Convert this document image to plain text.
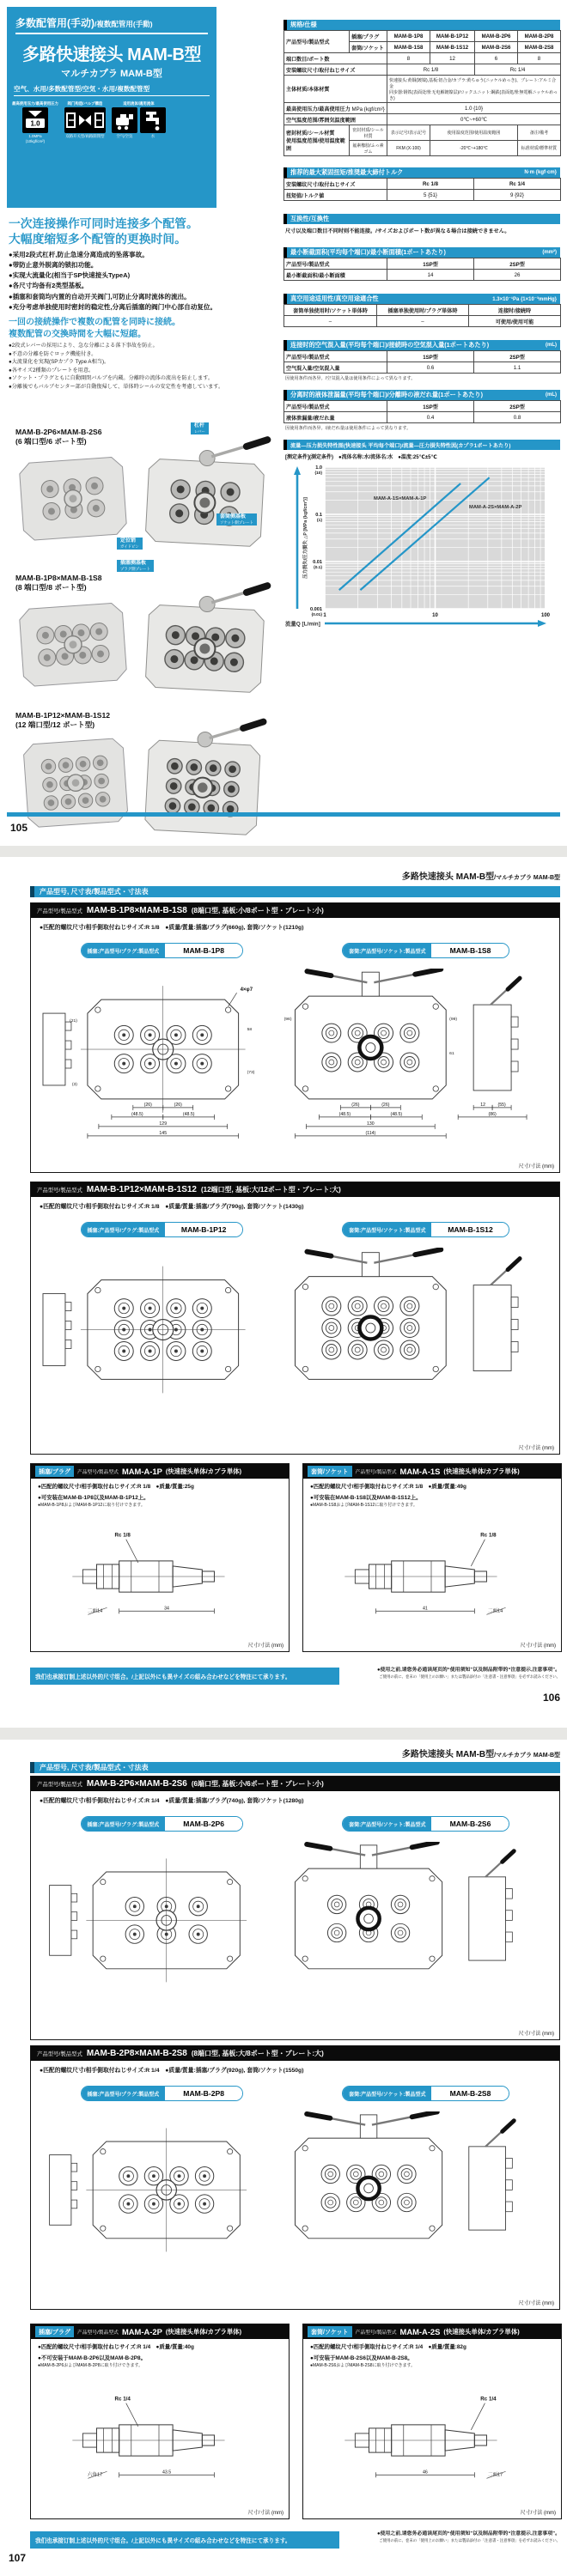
多数配管用(手动)/複数配管用(手動)
多路快速接头 MAM-B型
マルチカプラ MAM-B型
空气、水用/多数配管型/空気・水用/複数配管型
最高使用压力/最高使用圧力
1.0
1.0MPa
(10kgf/cm²)
阀门构造/バルブ構造
双路开关型/両路開閉型
适用流体/適用流体
空气/空気	水
一次连接操作可同时连接多个配管。
大幅度缩短多个配管的更换时间。
●采用2段式杠杆,防止急速分离造成的坠落事故。
●带防止意外脱离的锁扣功能。
●实现大流量化(相当于SP快速接头TypeA)
●各尺寸均备有2类型基板。
●插塞和套筒均内置的自动开关阀门,可防止分离时流体的流出。
●充分考虑单独使用时密封的稳定性,分离后插塞的阀门中心部自动复位。
一回の接続操作で複数の配管を同時に接続。
複数配管の交換時間を大幅に短縮。
●2段式レバーの採用により、急な分離による落下事故を防止。
●不意の分離を防ぐロック機能付き。
●大流量化を実現(SPカプラ Type A相当)。
●各サイズ2種類のプレートを用意。
●ソケット・プラグともに自動開閉バルブを内蔵。分離時の流体の流出を防止します。
●分離後でもバルブセンター部が自動復帰して、単体時シールの安定性を考慮しています。
MAM-B-2P6×MAM-B-2S6
(6 端口型/6 ポート型)
MAM-B-1P8×MAM-B-1S8
(8 端口型/8 ポート型)
MAM-B-1P12×MAM-B-1S12
(12 端口型/12 ポート型)
杠杆
レバー
套筒侧基板
ソケット側プレート
定位销
ガイドピン
插塞侧基板
プラグ側プレート
105
规格/仕様
产品型号/製品型式	插塞/プラグ	MAM-B-1P8	MAM-B-1P12	MAM-B-2P6	MAM-B-2P8
	套筒/ソケット	MAM-B-1S8	MAM-B-1S12	MAM-B-2S6	MAM-B-2S8
端口数目/ポート数		8	12	6	8
安装螺纹尺寸/取付ねじサイズ		Rc 1/8		Rc 1/4	
主体材质/本体材質		快速接头:黄铜(镀镍),基板:铝合金/カプラ:黄ちゅう(ニッケルめっき)、プレート:アルミ合金
同步器:钢铁(表面处理:无电解镀镍层)/ロックユニット:鋼鉄(表面処理:無電解ニッケルめっき)			
最高使用压力/最高使用圧力 MPa {kgf/cm²}		1.0 {10}			
空气温度范围/雰囲気温度範囲		0℃~+60℃			
密封材质/シール材質
使用温度范围/使用温度範囲	密封材质/シール材質	表示记号/表示記号	使用温度范围/使用温度範囲		备注/備考
	氟素橡胶/ふっ素ゴム	FKM (X-100)	-20℃~+180℃		标准材质/標準材質
推荐的最大紧固扭矩/推奨最大締付トルク	N·m {kgf·cm}
安装螺纹尺寸/取付ねじサイズ	Rc 1/8	Rc 1/4
扭矩值/トルク値	5 {51}	9 {92}
互换性/互換性
尺寸以及端口数目不同时则不能连接。/サイズおよびポート数が異なる場合は接続できません。
最小断截面积(平均每个端口)/最小断面積(1ポートあたり)	(mm²)
产品型号/製品型式	1SP型	2SP型
最小断截面积/最小断面積	14	26
真空用途适用性/真空用途適合性	1.3×10⁻¹Pa {1×10⁻³mmHg}
套筒单独使用时/ソケット単体時	插塞单独使用时/プラグ単体時	连接时/接続時
–	–	可使用/使用可能
连接时的空气混入量(平均每个端口)/接続時の空気混入量(1ポートあたり)	(mL)
产品型号/製品型式	1SP型	2SP型
空气混入量/空気混入量	0.6	1.1
因使用条件而各异。/空気混入量は使用条件によって異なります。
分离时的液体泄漏量(平均每个端口)/分離時の液だれ量(1ポートあたり)	(mL)
产品型号/製品型式	1SP型	2SP型
液体泄漏量/液だれ量	0.4	0.8
因使用条件而各异。/液だれ量は使用条件によって異なります。
流量—压力损失特性图(快速接头 平均每个端口)/流量—圧力損失特性図(カプラ1ポートあたり)
[测定条件](測定条件)　●流体名称:水/流体名:水　●温度:25℃±5℃
1.0
{10}
0.1
{1}
0.01
{0.1}
0.001
{0.01} 1	10	100
压力损失/圧力損失 △P [MPa {kgf/cm²}]
流量Q [L/min]
MAM-A-1S×MAM-A-1P
MAM-A-2S×MAM-A-2P
多路快速接头 MAM-B型/マルチカプラ MAM-B型
产品型号, 尺寸表/製品型式・寸法表
产品型号/製品型式 MAM-B-1P8×MAM-B-1S8 (8端口型, 基板:小/8ポート型・プレート:小)
●匹配的螺纹尺寸/相手側取付ねじサイズ:R 1/8　●质量/質量:插塞/プラグ(660g), 套筒/ソケット(1210g)
插塞:产品型号/プラグ:製品型式	MAM-B-1P8	套筒:产品型号/ソケット:製品型式	MAM-B-1S8
4×φ7
(21)
(3)
58
(73)
(26)	(26)
(48.5)	(48.5)
129
145
(96)	(99)
61
(26)	(26)
(48.5)	(48.5)
130
(114)
12	(55)
(86)
尺寸/寸法 (mm)
产品型号/製品型式 MAM-B-1P12×MAM-B-1S12 (12端口型, 基板:大/12ポート型・プレート:大)
●匹配的螺纹尺寸/相手側取付ねじサイズ:R 1/8　●质量/質量:插塞/プラグ(790g), 套筒/ソケット(1430g)
插塞:产品型号/プラグ:製品型式	MAM-B-1P12	套筒:产品型号/ソケット:製品型式	MAM-B-1S12
尺寸/寸法 (mm)
插塞/プラグ	产品型号/製品型式 MAM-A-1P (快速接头单体/カプラ単体)
●匹配的螺纹尺寸/相手側取付ねじサイズ:R 1/8　●质量/質量:25g
●可安装在MAM-B-1P8以及MAM-B-1P12上。
●MAM-B-1P8およびMAM-B-1P12に取り付けできます。
Rc 1/8
二面14	34
尺寸/寸法 (mm)
套筒/ソケット	产品型号/製品型式 MAM-A-1S (快速接头单体/カプラ単体)
●匹配的螺纹尺寸/相手側取付ねじサイズ:R 1/8　●质量/質量:49g
●可安装在MAM-B-1S8以及MAM-B-1S12上。
●MAM-B-1S8およびMAM-B-1S12に取り付けできます。
Rc 1/8
41	二面14
尺寸/寸法 (mm)
我们也承接订制上述以外的尺寸组合。/上記以外にも異サイズの組み合わせなどを特注にて承ります。
●使用之前,请您务必通读尾页的“使用须知”以及制品附带的“注意提示,注意事项”。
ご使用の前に、巻末の「使用上のお願い」または製品添付の「注意書・注意事項」を必ずお読みください。
106
多路快速接头 MAM-B型/マルチカプラ MAM-B型
产品型号, 尺寸表/製品型式・寸法表
产品型号/製品型式 MAM-B-2P6×MAM-B-2S6 (6端口型, 基板:小/6ポート型・プレート:小)
●匹配的螺纹尺寸/相手側取付ねじサイズ:R 1/4　●质量/質量:插塞/プラグ(740g), 套筒/ソケット(1280g)
插塞:产品型号/プラグ:製品型式	MAM-B-2P6	套筒:产品型号/ソケット:製品型式	MAM-B-2S6
尺寸/寸法 (mm)
产品型号/製品型式 MAM-B-2P8×MAM-B-2S8 (8端口型, 基板:大/8ポート型・プレート:大)
●匹配的螺纹尺寸/相手側取付ねじサイズ:R 1/4　●质量/質量:插塞/プラグ(920g), 套筒/ソケット(1550g)
插塞:产品型号/プラグ:製品型式	MAM-B-2P8	套筒:产品型号/ソケット:製品型式	MAM-B-2S8
尺寸/寸法 (mm)
插塞/プラグ	产品型号/製品型式 MAM-A-2P (快速接头单体/カプラ単体)
●匹配的螺纹尺寸/相手側取付ねじサイズ:R 1/4　●质量/質量:40g
●不可安装于MAM-B-2P6以及MAM-B-2P8。
●MAM-B-2P6およびMAM-B-2P8に取り付けできます。
Rc 1/4
六角17	43.5
尺寸/寸法 (mm)
套筒/ソケット	产品型号/製品型式 MAM-A-2S (快速接头单体/カプラ単体)
●匹配的螺纹尺寸/相手側取付ねじサイズ:R 1/4　●质量/質量:82g
●可安装于MAM-B-2S6以及MAM-B-2S8。
●MAM-B-2S6およびMAM-B-2S8に取り付けできます。
Rc 1/4
46	二面17
尺寸/寸法 (mm)
我们也承接订制上述以外的尺寸组合。/上記以外にも異サイズの組み合わせなどを特注にて承ります。
●使用之前,请您务必通读尾页的“使用须知”以及制品附带的“注意提示,注意事项”。
ご使用の前に、巻末の「使用上のお願い」または製品添付の「注意書・注意事項」を必ずお読みください。
107
